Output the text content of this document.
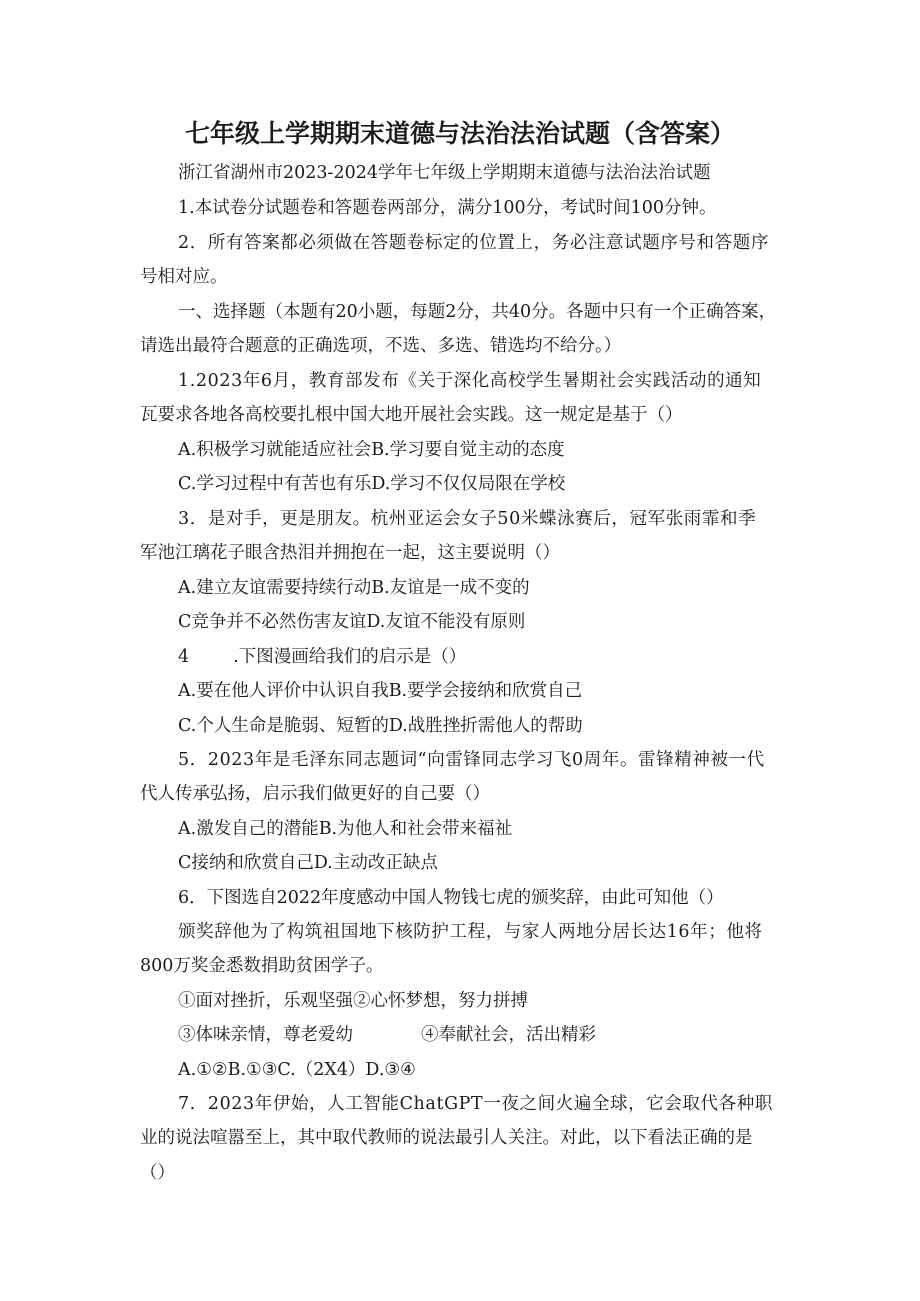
七年级上学期期末道德与法治法治试题（含答案）
浙江省湖州市2023-2024学年七年级上学期期末道德与法治法治试题
1.本试卷分试题卷和答题卷两部分，满分100分，考试时间100分钟。
2．所有答案都必须做在答题卷标定的位置上，务必注意试题序号和答题序
号相对应。
一、选择题（本题有20小题，每题2分，共40分。各题中只有一个正确答案，
请选出最符合题意的正确选项，不选、多选、错选均不给分。）
1.2023年6月，教育部发布《关于深化高校学生暑期社会实践活动的通知
瓦要求各地各高校要扎根中国大地开展社会实践。这一规定是基于（）
A.积极学习就能适应社会B.学习要自觉主动的态度
C.学习过程中有苦也有乐D.学习不仅仅局限在学校
3．是对手，更是朋友。杭州亚运会女子50米蝶泳赛后，冠军张雨霏和季
军池江璃花子眼含热泪并拥抱在一起，这主要说明（）
A.建立友谊需要持续行动B.友谊是一成不变的
C竞争并不必然伤害友谊D.友谊不能没有原则
4	.下图漫画给我们的启示是（）
A.要在他人评价中认识自我B.要学会接纳和欣赏自己
C.个人生命是脆弱、短暂的D.战胜挫折需他人的帮助
5．2023年是毛泽东同志题词“向雷锋同志学习飞0周年。雷锋精神被一代
代人传承弘扬，启示我们做更好的自己要（）
A.激发自己的潜能B.为他人和社会带来福祉
C接纳和欣赏自己D.主动改正缺点
6．下图选自2022年度感动中国人物钱七虎的颁奖辞，由此可知他（）
颁奖辞他为了构筑祖国地下核防护工程，与家人两地分居长达16年；他将
800万奖金悉数捐助贫困学子。
①面对挫折，乐观坚强②心怀梦想，努力拼搏
③体味亲情，尊老爱幼	④奉献社会，活出精彩
A.①②B.①③C.（2X4）D.③④
7．2023年伊始，人工智能ChatGPT一夜之间火遍全球，它会取代各种职
业的说法喧嚣至上，其中取代教师的说法最引人关注。对此，以下看法正确的是
（）
